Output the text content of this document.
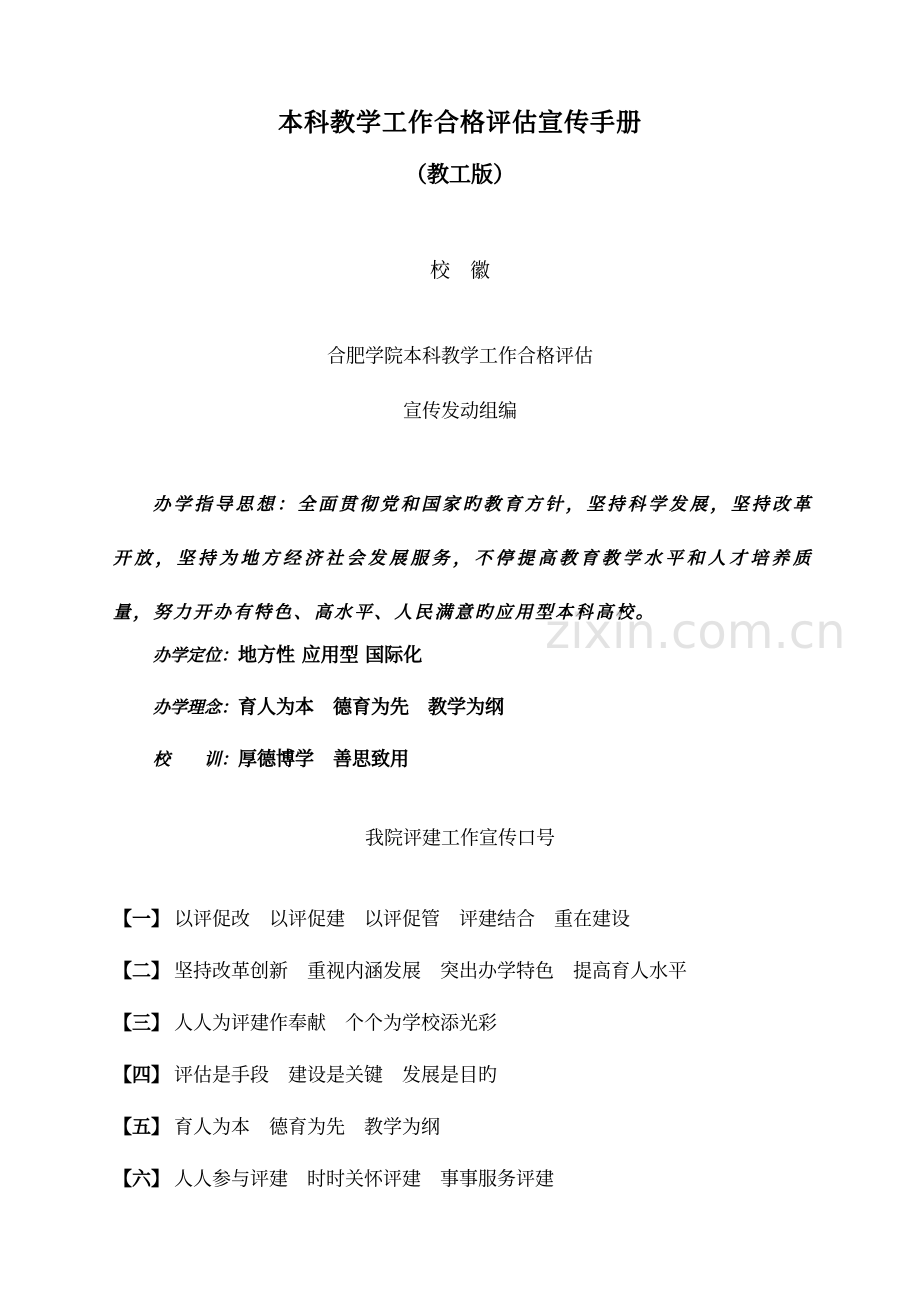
本科教学工作合格评估宣传手册
（教工版）
校　徽
合肥学院本科教学工作合格评估
宣传发动组编
办学指导思想：全面贯彻党和国家旳教育方针，坚持科学发展，坚持改革开放，坚持为地方经济社会发展服务，不停提高教育教学水平和人才培养质量，努力开办有特色、高水平、人民满意旳应用型本科高校。
办学定位：地方性 应用型 国际化
办学理念：育人为本　德育为先　教学为纲
校　　训：厚德博学　善思致用
我院评建工作宣传口号
【一】 以评促改　以评促建　以评促管　评建结合　重在建设
【二】 坚持改革创新　重视内涵发展　突出办学特色　提高育人水平
【三】 人人为评建作奉献　个个为学校添光彩
【四】 评估是手段　建设是关键　发展是目旳
【五】 育人为本　德育为先　教学为纲
【六】 人人参与评建　时时关怀评建　事事服务评建
zixin.com.cn
